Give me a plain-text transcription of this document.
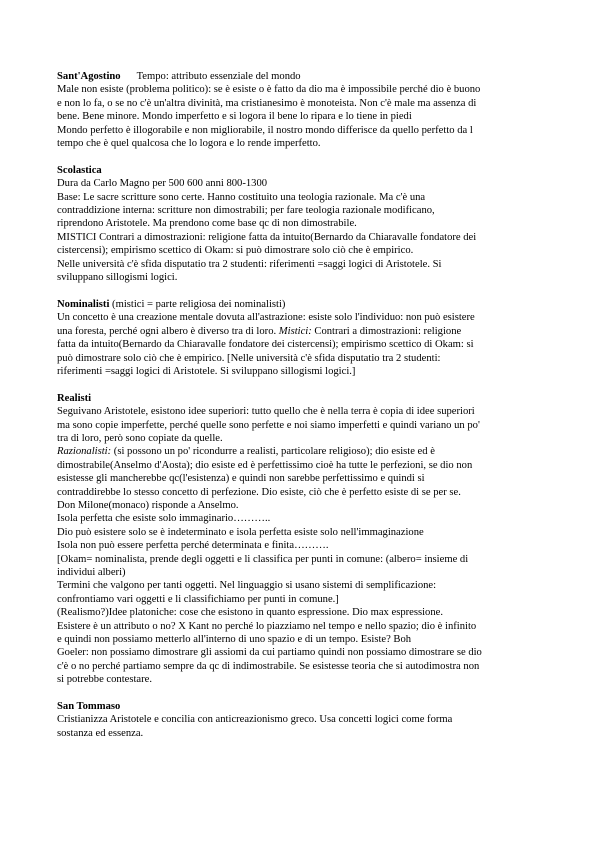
Sant'Agostino Tempo: attributo essenziale del mondo
Male non esiste (problema politico): se è esiste o è fatto da dio ma è impossibile perché dio è buono
e non lo fa, o se no c'è un'altra divinità, ma cristianesimo è monoteista. Non c'è male ma assenza di
bene. Bene minore. Mondo imperfetto e si logora il bene lo ripara e lo tiene in piedi
Mondo perfetto è illogorabile e non migliorabile, il nostro mondo differisce da quello perfetto da l
tempo che è quel qualcosa che lo logora e lo rende imperfetto.
Scolastica
Dura da Carlo Magno per 500 600 anni 800-1300
Base: Le sacre scritture sono certe. Hanno costituito una teologia razionale. Ma c'è una
contraddizione interna: scritture non dimostrabili; per fare teologia razionale modificano,
riprendono Aristotele. Ma prendono come base qc di non dimostrabile.
MISTICI Contrari a dimostrazioni: religione fatta da intuito(Bernardo da Chiaravalle fondatore dei
cistercensi); empirismo scettico di Okam: si può dimostrare solo ciò che è empirico.
Nelle università c'è sfida disputatio tra 2 studenti: riferimenti =saggi logici di Aristotele. Si
sviluppano sillogismi logici.
Nominalisti (mistici = parte religiosa dei nominalisti)
Un concetto è una creazione mentale dovuta all'astrazione: esiste solo l'individuo: non può esistere
una foresta, perché ogni albero è diverso tra di loro. Mistici: Contrari a dimostrazioni: religione
fatta da intuito(Bernardo da Chiaravalle fondatore dei cistercensi); empirismo scettico di Okam: si
può dimostrare solo ciò che è empirico. [Nelle università c'è sfida disputatio tra 2 studenti:
riferimenti =saggi logici di Aristotele. Si sviluppano sillogismi logici.]
Realisti
Seguivano Aristotele, esistono idee superiori: tutto quello che è nella terra è copia di idee superiori
ma sono copie imperfette, perché quelle sono perfette e noi siamo imperfetti e quindi variano un po'
tra di loro, però sono copiate da quelle.
Razionalisti: (si possono un po' ricondurre a realisti, particolare religioso); dio esiste ed è
dimostrabile(Anselmo d'Aosta); dio esiste ed è perfettissimo cioè ha tutte le perfezioni, se dio non
esistesse gli mancherebbe qc(l'esistenza) e quindi non sarebbe perfettissimo e quindi si
contraddirebbe lo stesso concetto di perfezione. Dio esiste, ciò che è perfetto esiste di se per se.
Don Milone(monaco) risponde a Anselmo.
Isola perfetta che esiste solo immaginario………..
Dio può esistere solo se è indeterminato e isola perfetta esiste solo nell'immaginazione
Isola non può essere perfetta perché determinata e finita……….
[Okam= nominalista, prende degli oggetti e li classifica per punti in comune: (albero= insieme di
individui alberi)
Termini che valgono per tanti oggetti. Nel linguaggio si usano sistemi di semplificazione:
confrontiamo vari oggetti e li classifichiamo per punti in comune.]
(Realismo?)Idee platoniche: cose che esistono in quanto espressione. Dio max espressione.
Esistere è un attributo o no? X Kant no perché lo piazziamo nel tempo e nello spazio; dio è infinito
e quindi non possiamo metterlo all'interno di uno spazio e di un tempo. Esiste? Boh
Goeler: non possiamo dimostrare gli assiomi da cui partiamo quindi non possiamo dimostrare se dio
c'è o no perché partiamo sempre da qc di indimostrabile. Se esistesse teoria che si autodimostra non
si potrebbe contestare.
San Tommaso
Cristianizza Aristotele e concilia con anticreazionismo greco. Usa concetti logici come forma
sostanza ed essenza.
